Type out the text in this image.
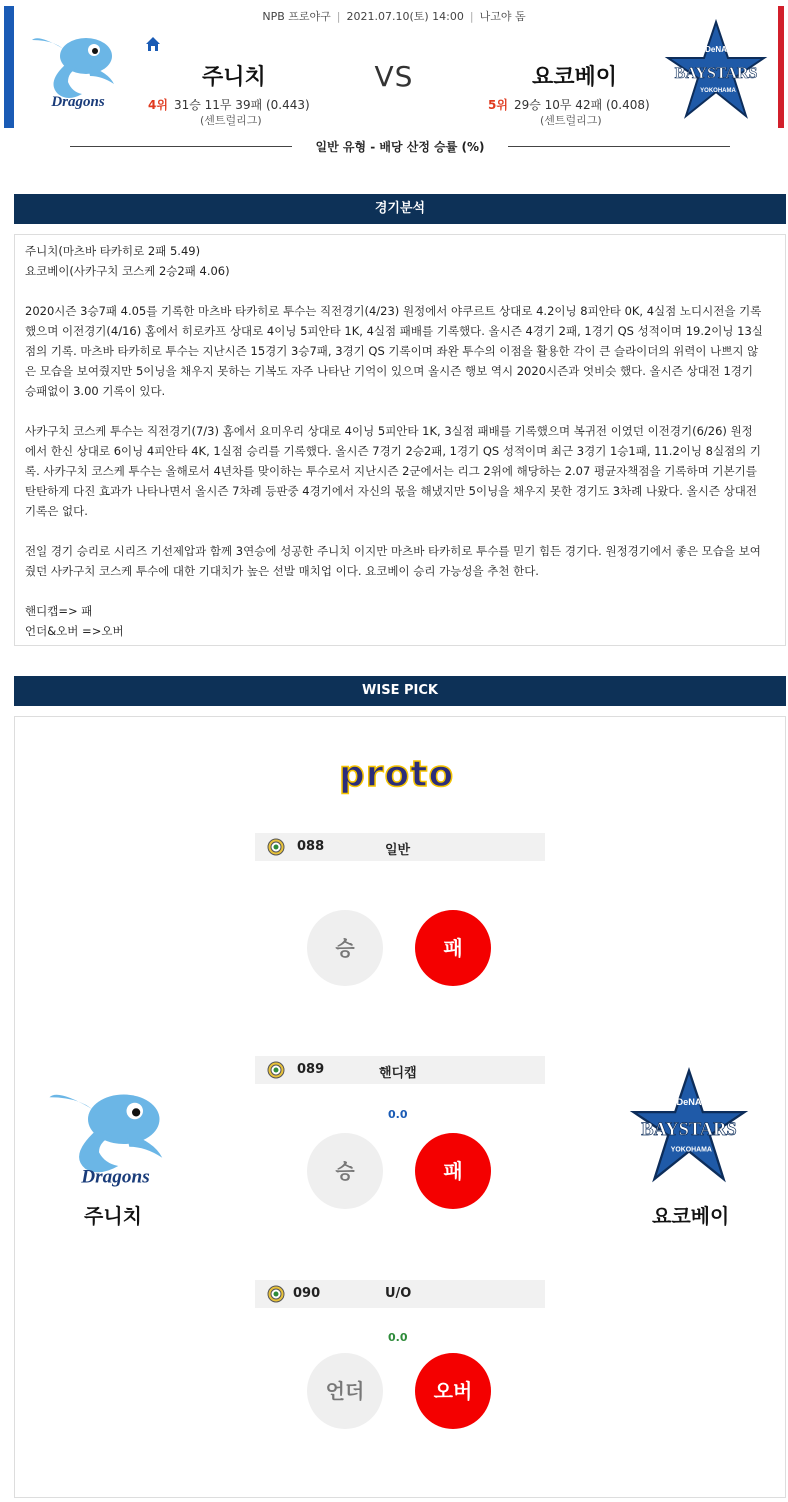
NPB 프로야구 | 2021.07.10(토) 14:00 | 나고야 돔
Dragons
주니치	VS	요코베이
4위 31승 11무 39패 (0.443)
(센트럴리그)
5위 29승 10무 42패 (0.408)
(센트럴리그)
DeNA
BAYSTARS
YOKOHAMA
일반 유형 - 배당 산정 승률 (%)
경기분석

주니치(마츠바 타카히로 2패 5.49)

요코베이(사카구치 코스케 2승2패 4.06)

2020시즌 3승7패 4.05를 기록한 마츠바 타카히로 투수는 직전경기(4/23) 원정에서 야쿠르트 상대로 4.2이닝 8피안타 0K, 4실점 노디시전을 기록

했으며 이전경기(4/16) 홈에서 히로카프 상대로 4이닝 5피안타 1K, 4실점 패배를 기록했다. 올시즌 4경기 2패, 1경기 QS 성적이며 19.2이닝 13실

점의 기록. 마츠바 타카히로 투수는 지난시즌 15경기 3승7패, 3경기 QS 기록이며 좌완 투수의 이점을 활용한 각이 큰 슬라이더의 위력이 나쁘지 않

은 모습을 보여줬지만 5이닝을 채우지 못하는 기복도 자주 나타난 기억이 있으며 올시즌 행보 역시 2020시즌과 엇비슷 했다. 올시즌 상대전 1경기

승패없이 3.00 기록이 있다.

사카구치 코스케 투수는 직전경기(7/3) 홈에서 요미우리 상대로 4이닝 5피안타 1K, 3실점 패배를 기록했으며 복귀전 이였던 이전경기(6/26) 원정

에서 한신 상대로 6이닝 4피안타 4K, 1실점 승리를 기록했다. 올시즌 7경기 2승2패, 1경기 QS 성적이며 최근 3경기 1승1패, 11.2이닝 8실점의 기

록. 사카구치 코스케 투수는 올해로서 4년차를 맞이하는 투수로서 지난시즌 2군에서는 리그 2위에 해당하는 2.07 평균자책점을 기록하며 기본기를

탄탄하게 다진 효과가 나타나면서 올시즌 7차례 등판중 4경기에서 자신의 몫을 해냈지만 5이닝을 채우지 못한 경기도 3차례 나왔다. 올시즌 상대전

기록은 없다.

전일 경기 승리로 시리즈 기선제압과 함께 3연승에 성공한 주니치 이지만 마츠바 타카히로 투수를 믿기 힘든 경기다. 원정경기에서 좋은 모습을 보여

줬던 사카구치 코스케 투수에 대한 기대치가 높은 선발 매치업 이다. 요코베이 승리 가능성을 추천 한다.

핸디캡=> 패

언더&오버 =>오버

WISE PICK
proto
088	일반
승	패
089	핸디캡
0.0
승	패
090	U/O
0.0
언더	오버
Dragons
주니치
DeNA
BAYSTARS
YOKOHAMA
요코베이
